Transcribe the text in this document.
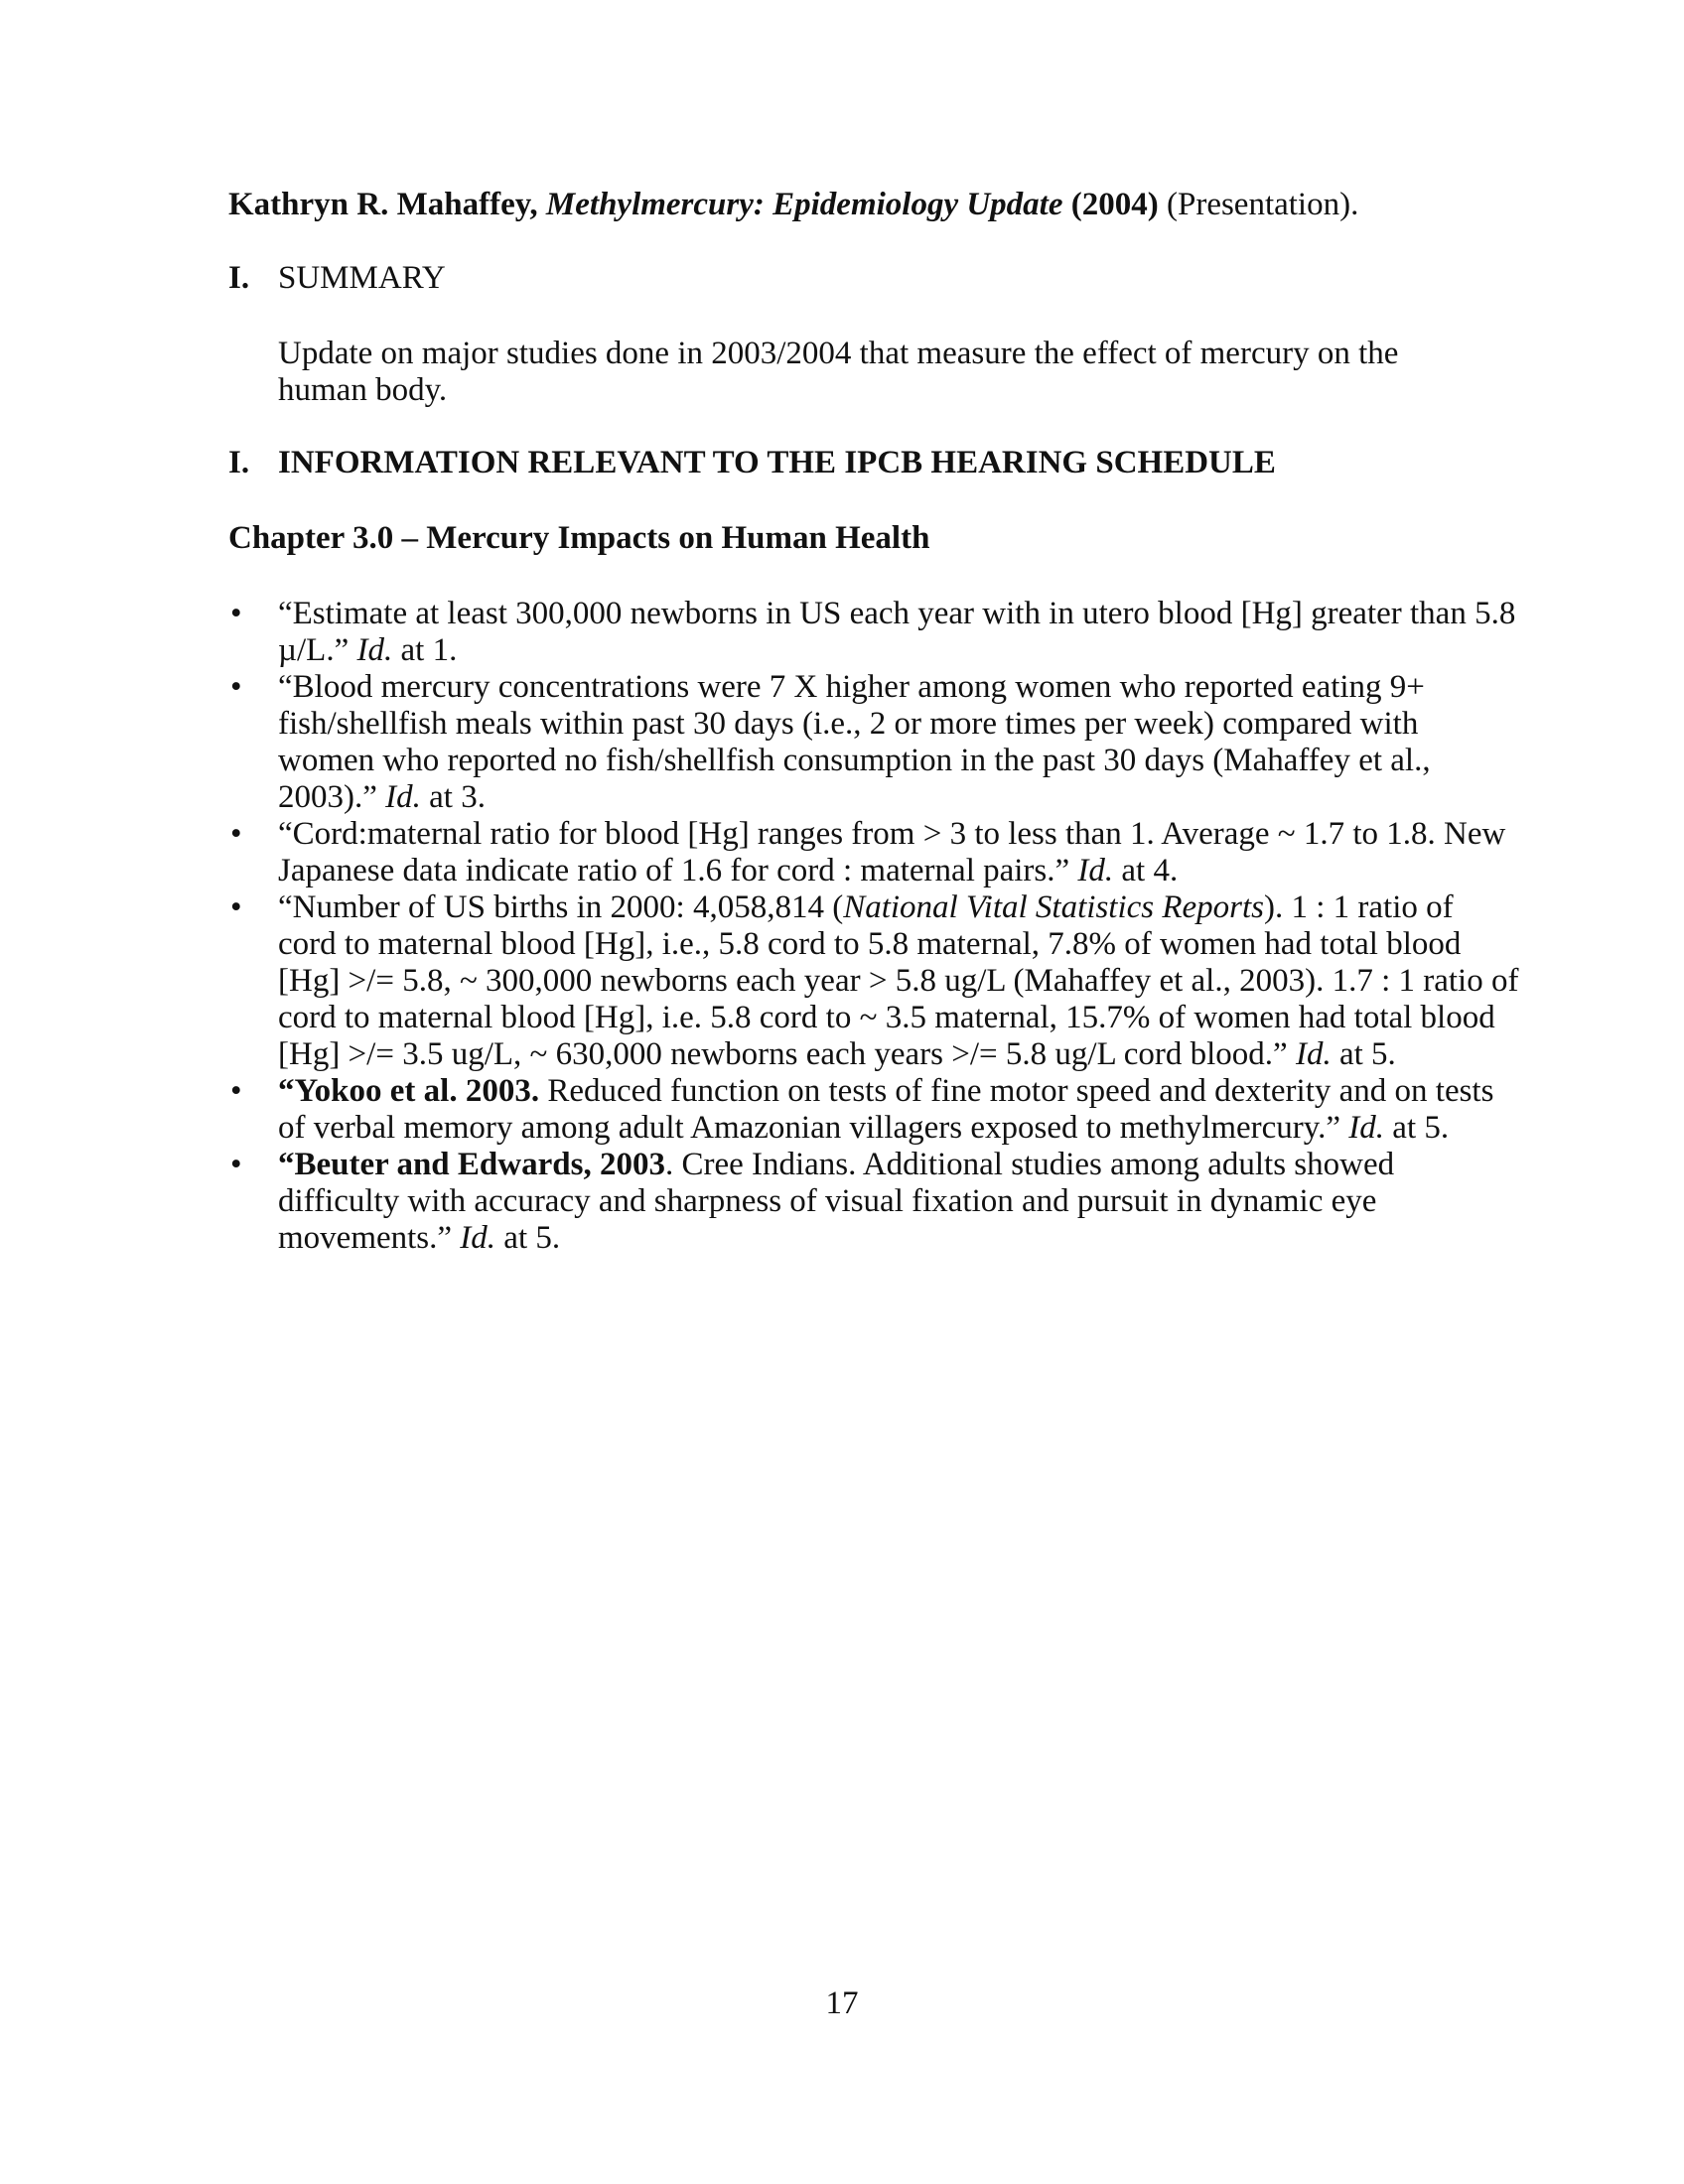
Kathryn R. Mahaffey, Methylmercury: Epidemiology Update (2004) (Presentation).
I. SUMMARY
Update on major studies done in 2003/2004 that measure the effect of mercury on the human body.
I. INFORMATION RELEVANT TO THE IPCB HEARING SCHEDULE
Chapter 3.0 – Mercury Impacts on Human Health
• “Estimate at least 300,000 newborns in US each year with in utero blood [Hg] greater than 5.8 µ/L.” Id. at 1.
• “Blood mercury concentrations were 7 X higher among women who reported eating 9+ fish/shellfish meals within past 30 days (i.e., 2 or more times per week) compared with women who reported no fish/shellfish consumption in the past 30 days (Mahaffey et al., 2003).” Id. at 3.
• “Cord:maternal ratio for blood [Hg] ranges from > 3 to less than 1. Average ~ 1.7 to 1.8. New Japanese data indicate ratio of 1.6 for cord : maternal pairs.” Id. at 4.
• “Number of US births in 2000: 4,058,814 (National Vital Statistics Reports). 1 : 1 ratio of cord to maternal blood [Hg], i.e., 5.8 cord to 5.8 maternal, 7.8% of women had total blood [Hg] >/= 5.8, ~ 300,000 newborns each year > 5.8 ug/L (Mahaffey et al., 2003). 1.7 : 1 ratio of cord to maternal blood [Hg], i.e. 5.8 cord to ~ 3.5 maternal, 15.7% of women had total blood [Hg] >/= 3.5 ug/L, ~ 630,000 newborns each years >/= 5.8 ug/L cord blood.” Id. at 5.
• “Yokoo et al. 2003. Reduced function on tests of fine motor speed and dexterity and on tests of verbal memory among adult Amazonian villagers exposed to methylmercury.” Id. at 5.
• “Beuter and Edwards, 2003. Cree Indians. Additional studies among adults showed difficulty with accuracy and sharpness of visual fixation and pursuit in dynamic eye movements.” Id. at 5.
17
